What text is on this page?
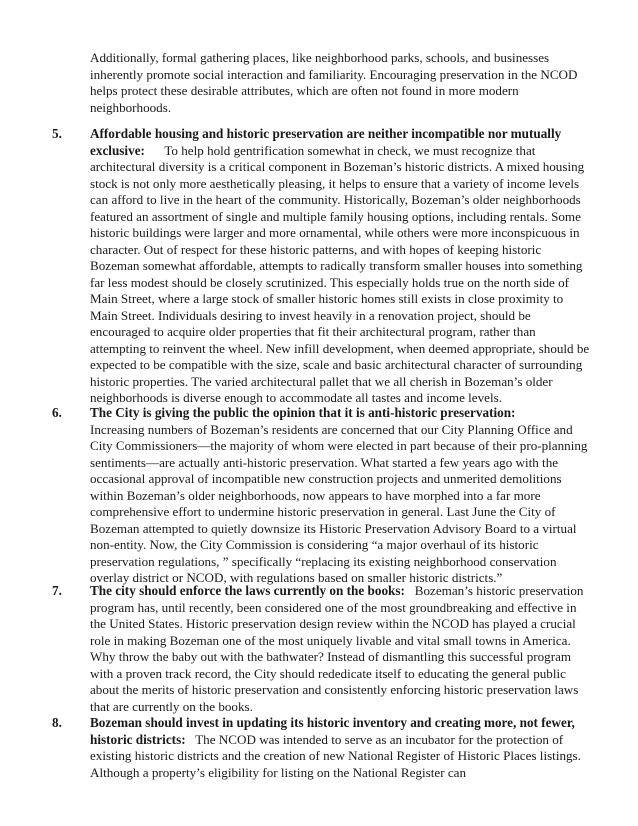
Additionally, formal gathering places, like neighborhood parks, schools, and businesses inherently promote social interaction and familiarity. Encouraging preservation in the NCOD helps protect these desirable attributes, which are often not found in more modern neighborhoods.

5. Affordable housing and historic preservation are neither incompatible nor mutually exclusive: To help hold gentrification somewhat in check, we must recognize that architectural diversity is a critical component in Bozeman’s historic districts. A mixed housing stock is not only more aesthetically pleasing, it helps to ensure that a variety of income levels can afford to live in the heart of the community. Historically, Bozeman’s older neighborhoods featured an assortment of single and multiple family housing options, including rentals. Some historic buildings were larger and more ornamental, while others were more inconspicuous in character. Out of respect for these historic patterns, and with hopes of keeping historic Bozeman somewhat affordable, attempts to radically transform smaller houses into something far less modest should be closely scrutinized. This especially holds true on the north side of Main Street, where a large stock of smaller historic homes still exists in close proximity to Main Street. Individuals desiring to invest heavily in a renovation project, should be encouraged to acquire older properties that fit their architectural program, rather than attempting to reinvent the wheel. New infill development, when deemed appropriate, should be expected to be compatible with the size, scale and basic architectural character of surrounding historic properties. The varied architectural pallet that we all cherish in Bozeman’s older neighborhoods is diverse enough to accommodate all tastes and income levels.
6. The City is giving the public the opinion that it is anti-historic preservation:
Increasing numbers of Bozeman’s residents are concerned that our City Planning Office and City Commissioners—the majority of whom were elected in part because of their pro-planning sentiments—are actually anti-historic preservation. What started a few years ago with the occasional approval of incompatible new construction projects and unmerited demolitions within Bozeman’s older neighborhoods, now appears to have morphed into a far more comprehensive effort to undermine historic preservation in general. Last June the City of Bozeman attempted to quietly downsize its Historic Preservation Advisory Board to a virtual non-entity. Now, the City Commission is considering “a major overhaul of its historic preservation regulations, ” specifically “replacing its existing neighborhood conservation overlay district or NCOD, with regulations based on smaller historic districts.”
7. The city should enforce the laws currently on the books: Bozeman’s historic preservation program has, until recently, been considered one of the most groundbreaking and effective in the United States. Historic preservation design review within the NCOD has played a crucial role in making Bozeman one of the most uniquely livable and vital small towns in America. Why throw the baby out with the bathwater? Instead of dismantling this successful program with a proven track record, the City should rededicate itself to educating the general public about the merits of historic preservation and consistently enforcing historic preservation laws that are currently on the books.
8. Bozeman should invest in updating its historic inventory and creating more, not fewer, historic districts: The NCOD was intended to serve as an incubator for the protection of existing historic districts and the creation of new National Register of Historic Places listings. Although a property’s eligibility for listing on the National Register can
